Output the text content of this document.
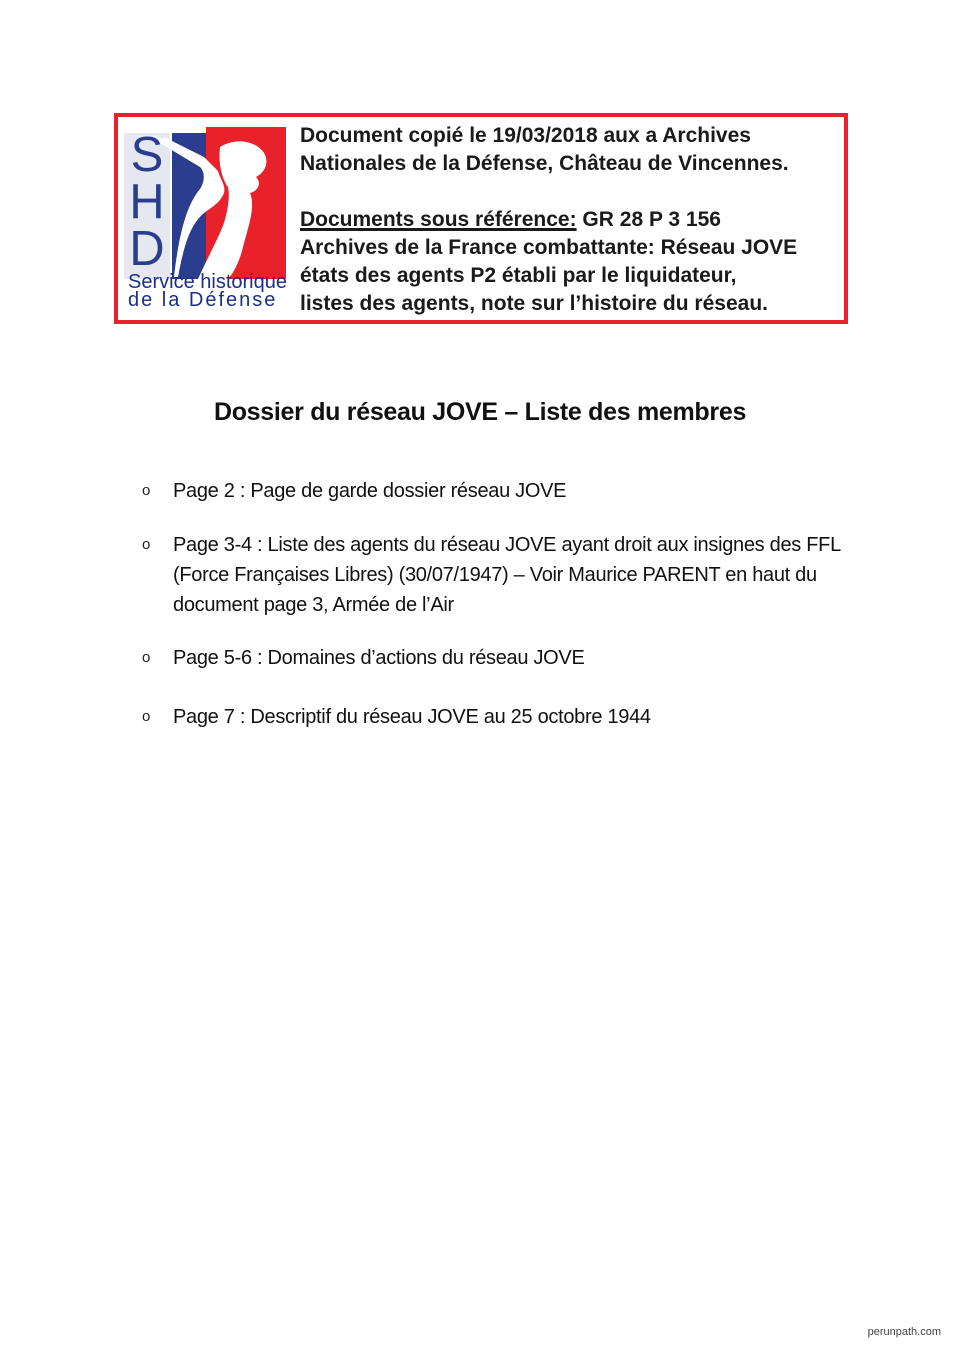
S
H
D
Service historique
de la Défense
Document copié le 19/03/2018 aux a Archives
Nationales de la Défense, Château de Vincennes.
Documents sous référence: GR 28 P 3 156
Archives de la France combattante: Réseau JOVE
états des agents P2 établi par le liquidateur,
listes des agents, note sur l’histoire du réseau.
Dossier du réseau JOVE – Liste des membres
o Page 2 : Page de garde dossier réseau JOVE
o Page 3-4 : Liste des agents du réseau JOVE ayant droit aux insignes des FFL (Force Françaises Libres) (30/07/1947) – Voir Maurice PARENT en haut du document page 3, Armée de l’Air
o Page 5-6 : Domaines d’actions du réseau JOVE
o Page 7 : Descriptif du réseau JOVE au 25 octobre 1944
perunpath.com
